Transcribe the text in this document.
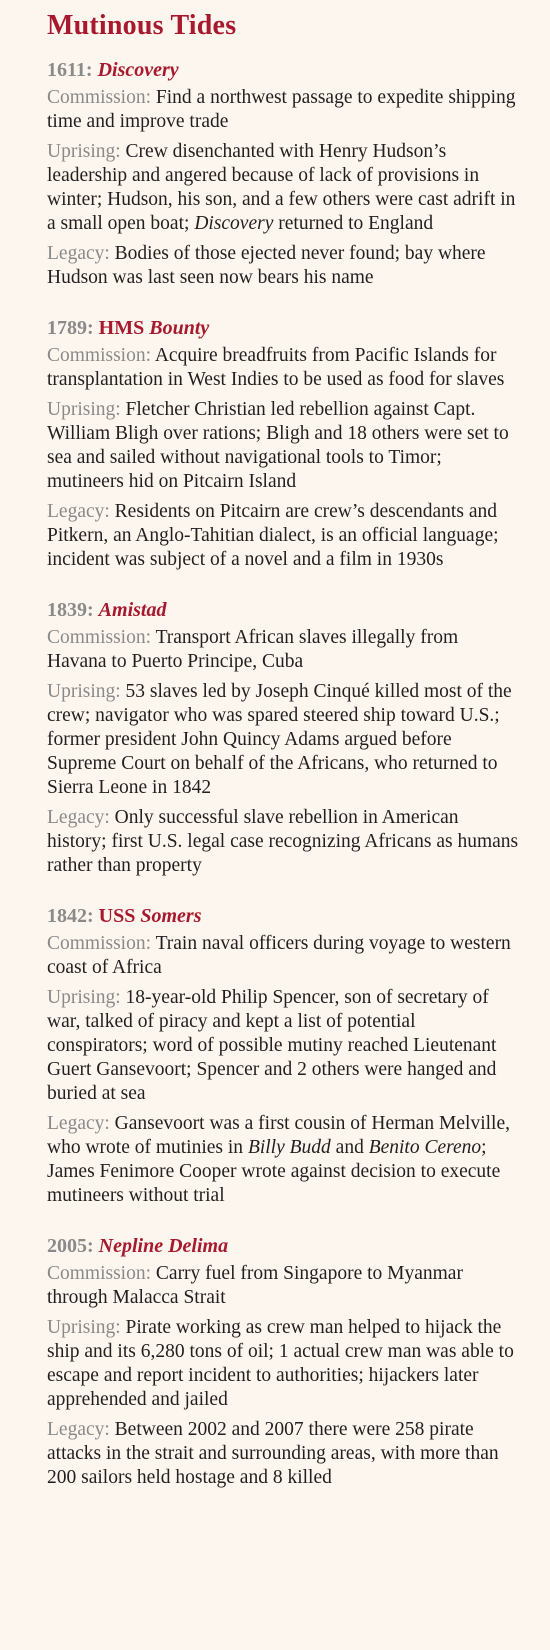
Mutinous Tides
1611: Discovery

Commission: Find a northwest passage to expedite shipping time and improve trade

Uprising: Crew disenchanted with Henry Hudson’s leadership and angered because of lack of provisions in winter; Hudson, his son, and a few others were cast adrift in a small open boat; Discovery returned to England

Legacy: Bodies of those ejected never found; bay where Hudson was last seen now bears his name

1789: HMS Bounty

Commission: Acquire breadfruits from Pacific Islands for transplantation in West Indies to be used as food for slaves

Uprising: Fletcher Christian led rebellion against Capt. William Bligh over rations; Bligh and 18 others were set to sea and sailed without navigational tools to Timor; mutineers hid on Pitcairn Island

Legacy: Residents on Pitcairn are crew’s descendants and Pitkern, an Anglo-Tahitian dialect, is an official language; incident was subject of a novel and a film in 1930s

1839: Amistad

Commission: Transport African slaves illegally from Havana to Puerto Principe, Cuba

Uprising: 53 slaves led by Joseph Cinqué killed most of the crew; navigator who was spared steered ship toward U.S.; former president John Quincy Adams argued before Supreme Court on behalf of the Africans, who returned to Sierra Leone in 1842

Legacy: Only successful slave rebellion in American history; first U.S. legal case recognizing Africans as humans rather than property

1842: USS Somers

Commission: Train naval officers during voyage to western coast of Africa

Uprising: 18-year-old Philip Spencer, son of secretary of war, talked of piracy and kept a list of potential conspirators; word of possible mutiny reached Lieutenant Guert Gansevoort; Spencer and 2 others were hanged and buried at sea

Legacy: Gansevoort was a first cousin of Herman Melville, who wrote of mutinies in Billy Budd and Benito Cereno; James Fenimore Cooper wrote against decision to execute mutineers without trial

2005: Nepline Delima

Commission: Carry fuel from Singapore to Myanmar through Malacca Strait

Uprising: Pirate working as crew man helped to hijack the ship and its 6,280 tons of oil; 1 actual crew man was able to escape and report incident to authorities; hijackers later apprehended and jailed

Legacy: Between 2002 and 2007 there were 258 pirate attacks in the strait and surrounding areas, with more than 200 sailors held hostage and 8 killed
